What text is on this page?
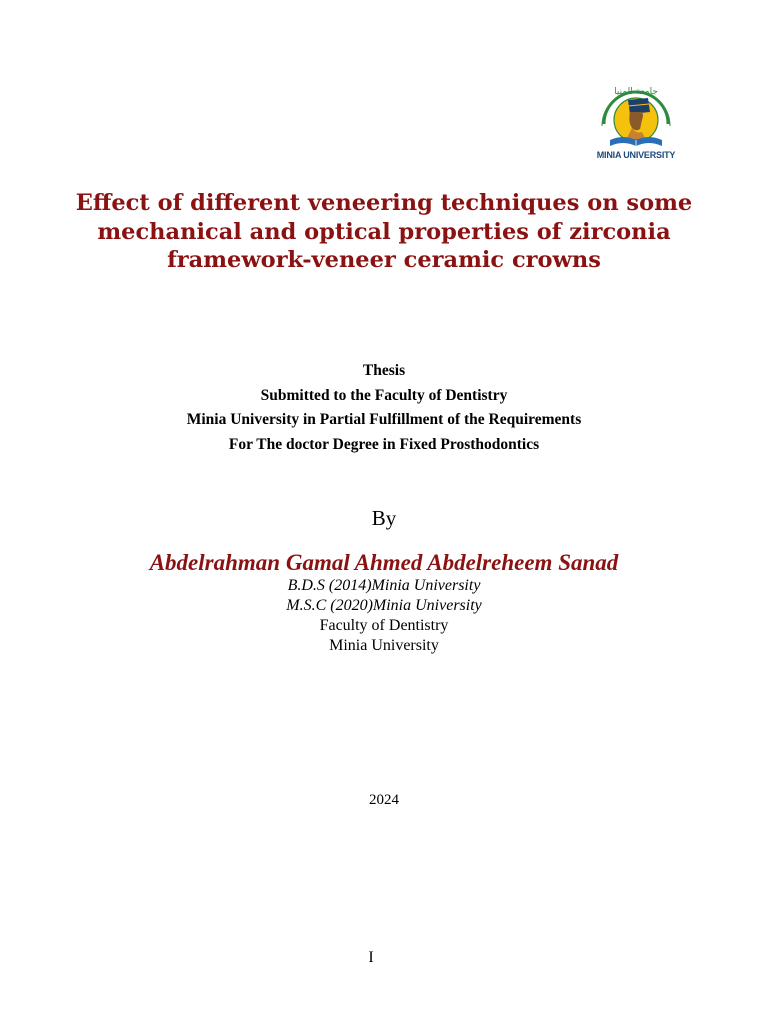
جامعة المنيا
MINIA UNIVERSITY
Effect of different veneering techniques on some
mechanical and optical properties of zirconia
framework-veneer ceramic crowns
Thesis
Submitted to the Faculty of Dentistry
Minia University in Partial Fulfillment of the Requirements
For The doctor Degree in Fixed Prosthodontics
By
Abdelrahman Gamal Ahmed Abdelreheem Sanad
B.D.S (2014)Minia University
M.S.C (2020)Minia University
Faculty of Dentistry
Minia University
2024
I
